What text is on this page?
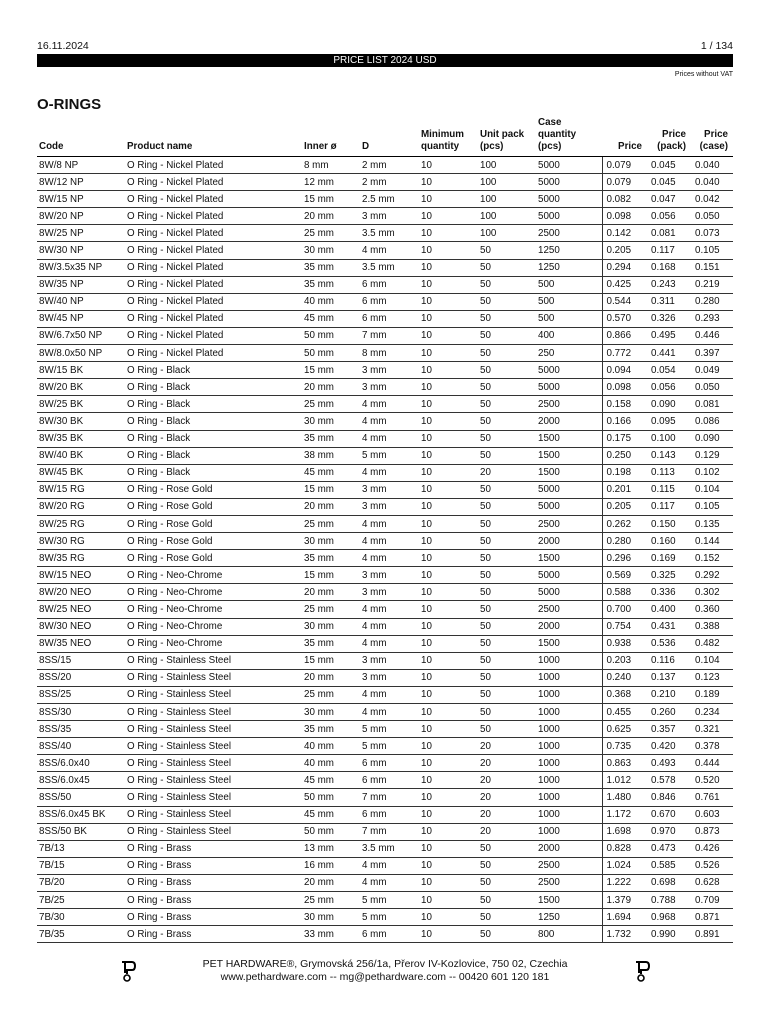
16.11.2024	1 / 134
PRICE LIST 2024 USD
Prices without VAT
O-RINGS
Code	Product name	Inner ø	D	Minimum quantity	Unit pack (pcs)	Case quantity (pcs)	Price	Price (pack)	Price (case)
8W/8 NP	O Ring - Nickel Plated	8 mm	2 mm	10	100	5000	0.079	0.045	0.040
8W/12 NP	O Ring - Nickel Plated	12 mm	2 mm	10	100	5000	0.079	0.045	0.040
8W/15 NP	O Ring - Nickel Plated	15 mm	2.5 mm	10	100	5000	0.082	0.047	0.042
8W/20 NP	O Ring - Nickel Plated	20 mm	3 mm	10	100	5000	0.098	0.056	0.050
8W/25 NP	O Ring - Nickel Plated	25 mm	3.5 mm	10	100	2500	0.142	0.081	0.073
8W/30 NP	O Ring - Nickel Plated	30 mm	4 mm	10	50	1250	0.205	0.117	0.105
8W/3.5x35 NP	O Ring - Nickel Plated	35 mm	3.5 mm	10	50	1250	0.294	0.168	0.151
8W/35 NP	O Ring - Nickel Plated	35 mm	6 mm	10	50	500	0.425	0.243	0.219
8W/40 NP	O Ring - Nickel Plated	40 mm	6 mm	10	50	500	0.544	0.311	0.280
8W/45 NP	O Ring - Nickel Plated	45 mm	6 mm	10	50	500	0.570	0.326	0.293
8W/6.7x50 NP	O Ring - Nickel Plated	50 mm	7 mm	10	50	400	0.866	0.495	0.446
8W/8.0x50 NP	O Ring - Nickel Plated	50 mm	8 mm	10	50	250	0.772	0.441	0.397
8W/15 BK	O Ring - Black	15 mm	3 mm	10	50	5000	0.094	0.054	0.049
8W/20 BK	O Ring - Black	20 mm	3 mm	10	50	5000	0.098	0.056	0.050
8W/25 BK	O Ring - Black	25 mm	4 mm	10	50	2500	0.158	0.090	0.081
8W/30 BK	O Ring - Black	30 mm	4 mm	10	50	2000	0.166	0.095	0.086
8W/35 BK	O Ring - Black	35 mm	4 mm	10	50	1500	0.175	0.100	0.090
8W/40 BK	O Ring - Black	38 mm	5 mm	10	50	1500	0.250	0.143	0.129
8W/45 BK	O Ring - Black	45 mm	4 mm	10	20	1500	0.198	0.113	0.102
8W/15 RG	O Ring - Rose Gold	15 mm	3 mm	10	50	5000	0.201	0.115	0.104
8W/20 RG	O Ring - Rose Gold	20 mm	3 mm	10	50	5000	0.205	0.117	0.105
8W/25 RG	O Ring - Rose Gold	25 mm	4 mm	10	50	2500	0.262	0.150	0.135
8W/30 RG	O Ring - Rose Gold	30 mm	4 mm	10	50	2000	0.280	0.160	0.144
8W/35 RG	O Ring - Rose Gold	35 mm	4 mm	10	50	1500	0.296	0.169	0.152
8W/15 NEO	O Ring - Neo-Chrome	15 mm	3 mm	10	50	5000	0.569	0.325	0.292
8W/20 NEO	O Ring - Neo-Chrome	20 mm	3 mm	10	50	5000	0.588	0.336	0.302
8W/25 NEO	O Ring - Neo-Chrome	25 mm	4 mm	10	50	2500	0.700	0.400	0.360
8W/30 NEO	O Ring - Neo-Chrome	30 mm	4 mm	10	50	2000	0.754	0.431	0.388
8W/35 NEO	O Ring - Neo-Chrome	35 mm	4 mm	10	50	1500	0.938	0.536	0.482
8SS/15	O Ring - Stainless Steel	15 mm	3 mm	10	50	1000	0.203	0.116	0.104
8SS/20	O Ring - Stainless Steel	20 mm	3 mm	10	50	1000	0.240	0.137	0.123
8SS/25	O Ring - Stainless Steel	25 mm	4 mm	10	50	1000	0.368	0.210	0.189
8SS/30	O Ring - Stainless Steel	30 mm	4 mm	10	50	1000	0.455	0.260	0.234
8SS/35	O Ring - Stainless Steel	35 mm	5 mm	10	50	1000	0.625	0.357	0.321
8SS/40	O Ring - Stainless Steel	40 mm	5 mm	10	20	1000	0.735	0.420	0.378
8SS/6.0x40	O Ring - Stainless Steel	40 mm	6 mm	10	20	1000	0.863	0.493	0.444
8SS/6.0x45	O Ring - Stainless Steel	45 mm	6 mm	10	20	1000	1.012	0.578	0.520
8SS/50	O Ring - Stainless Steel	50 mm	7 mm	10	20	1000	1.480	0.846	0.761
8SS/6.0x45 BK	O Ring - Stainless Steel	45 mm	6 mm	10	20	1000	1.172	0.670	0.603
8SS/50 BK	O Ring - Stainless Steel	50 mm	7 mm	10	20	1000	1.698	0.970	0.873
7B/13	O Ring - Brass	13 mm	3.5 mm	10	50	2000	0.828	0.473	0.426
7B/15	O Ring - Brass	16 mm	4 mm	10	50	2500	1.024	0.585	0.526
7B/20	O Ring - Brass	20 mm	4 mm	10	50	2500	1.222	0.698	0.628
7B/25	O Ring - Brass	25 mm	5 mm	10	50	1500	1.379	0.788	0.709
7B/30	O Ring - Brass	30 mm	5 mm	10	50	1250	1.694	0.968	0.871
7B/35	O Ring - Brass	33 mm	6 mm	10	50	800	1.732	0.990	0.891
PET HARDWARE®, Grymovská 256/1a, Přerov IV-Kozlovice, 750 02, Czechia
www.pethardware.com -- mg@pethardware.com -- 00420 601 120 181
